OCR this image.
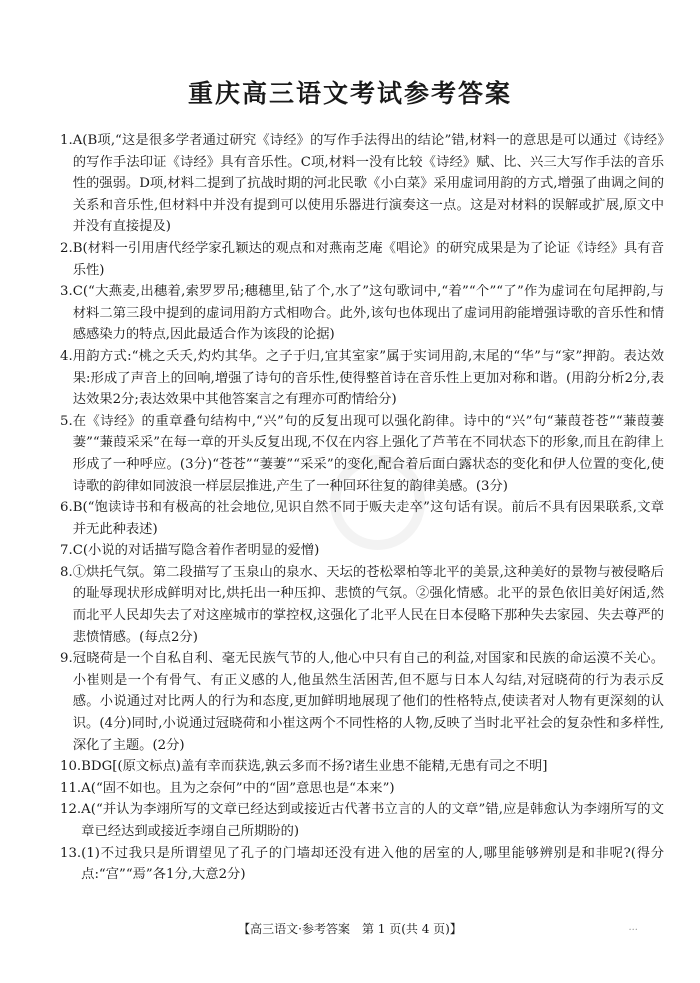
重庆高三语文考试参考答案
1. A(B项,“这是很多学者通过研究《诗经》的写作手法得出的结论”错,材料一的意思是可以通过《诗经》的写作手法印证《诗经》具有音乐性。C项,材料一没有比较《诗经》赋、比、兴三大写作手法的音乐性的强弱。D项,材料二提到了抗战时期的河北民歌《小白菜》采用虚词用韵的方式,增强了曲调之间的关系和音乐性,但材料中并没有提到可以使用乐器进行演奏这一点。这是对材料的误解或扩展,原文中并没有直接提及)
2. B(材料一引用唐代经学家孔颖达的观点和对燕南芝庵《唱论》的研究成果是为了论证《诗经》具有音乐性)
3. C(“大燕麦,出穗着,索罗罗吊;穗穗里,钻了个,水了”这句歌词中,“着”“个”“了”作为虚词在句尾押韵,与材料二第三段中提到的虚词用韵方式相吻合。此外,该句也体现出了虚词用韵能增强诗歌的音乐性和情感感染力的特点,因此最适合作为该段的论据)
4. 用韵方式:“桃之夭夭,灼灼其华。之子于归,宜其室家”属于实词用韵,末尾的“华”与“家”押韵。表达效果:形成了声音上的回响,增强了诗句的音乐性,使得整首诗在音乐性上更加对称和谐。(用韵分析2分,表达效果2分;表达效果中其他答案言之有理亦可酌情给分)
5. 在《诗经》的重章叠句结构中,“兴”句的反复出现可以强化韵律。诗中的“兴”句“蒹葭苍苍”“蒹葭萋萋”“蒹葭采采”在每一章的开头反复出现,不仅在内容上强化了芦苇在不同状态下的形象,而且在韵律上形成了一种呼应。(3分)“苍苍”“萋萋”“采采”的变化,配合着后面白露状态的变化和伊人位置的变化,使诗歌的韵律如同波浪一样层层推进,产生了一种回环往复的韵律美感。(3分)
6. B(“饱读诗书和有极高的社会地位,见识自然不同于贩夫走卒”这句话有误。前后不具有因果联系,文章并无此种表述)
7. C(小说的对话描写隐含着作者明显的爱憎)
8. ①烘托气氛。第二段描写了玉泉山的泉水、天坛的苍松翠柏等北平的美景,这种美好的景物与被侵略后的耻辱现状形成鲜明对比,烘托出一种压抑、悲愤的气氛。②强化情感。北平的景色依旧美好闲适,然而北平人民却失去了对这座城市的掌控权,这强化了北平人民在日本侵略下那种失去家园、失去尊严的悲愤情感。(每点2分)
9. 冠晓荷是一个自私自利、毫无民族气节的人,他心中只有自己的利益,对国家和民族的命运漠不关心。小崔则是一个有骨气、有正义感的人,他虽然生活困苦,但不愿与日本人勾结,对冠晓荷的行为表示反感。小说通过对比两人的行为和态度,更加鲜明地展现了他们的性格特点,使读者对人物有更深刻的认识。(4分)同时,小说通过冠晓荷和小崔这两个不同性格的人物,反映了当时北平社会的复杂性和多样性,深化了主题。(2分)
10. BDG[(原文标点)盖有幸而获选,孰云多而不扬?诸生业患不能精,无患有司之不明]
11. A(“固不如也。且为之奈何”中的“固”意思也是“本来”)
12. A(“并认为李翊所写的文章已经达到或接近古代著书立言的人的文章”错,应是韩愈认为李翊所写的文章已经达到或接近李翊自己所期盼的)
13. (1)不过我只是所谓望见了孔子的门墙却还没有进入他的居室的人,哪里能够辨别是和非呢?(得分点:“宫”“焉”各1分,大意2分)
【高三语文·参考答案　第 1 页(共 4 页)】	···
